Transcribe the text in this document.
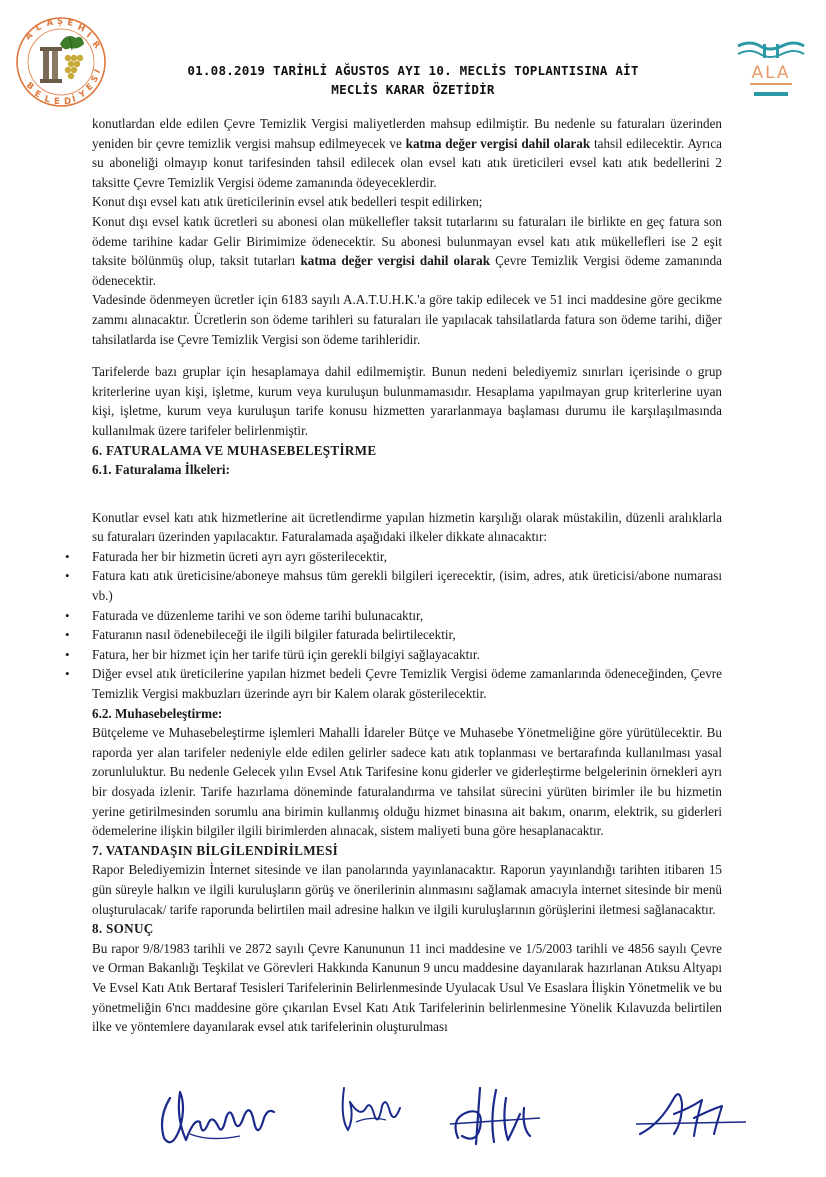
A
L A Ş E H
İ
R
B
E L E D İ Y
E
S
İ	ALA
01.08.2019 TARİHLİ AĞUSTOS AYI 10. MECLİS TOPLANTISINA AİT
MECLİS KARAR ÖZETİDİR

konutlardan elde edilen Çevre Temizlik Vergisi maliyetlerden mahsup edilmiştir. Bu nedenle su faturaları üzerinden yeniden bir çevre temizlik vergisi mahsup edilmeyecek ve katma değer vergisi dahil olarak tahsil edilecektir. Ayrıca su aboneliği olmayıp konut tarifesinden tahsil edilecek olan evsel katı atık üreticileri evsel katı atık bedellerini 2 taksitte Çevre Temizlik Vergisi ödeme zamanında ödeyeceklerdir.

Konut dışı evsel katı atık üreticilerinin evsel atık bedelleri tespit edilirken;

Konut dışı evsel katık ücretleri su abonesi olan mükellefler taksit tutarlarını su faturaları ile birlikte en geç fatura son ödeme tarihine kadar Gelir Birimimize ödenecektir. Su abonesi bulunmayan evsel katı atık mükellefleri ise 2 eşit taksite bölünmüş olup, taksit tutarları katma değer vergisi dahil olarak Çevre Temizlik Vergisi ödeme zamanında ödenecektir.

Vadesinde ödenmeyen ücretler için 6183 sayılı A.A.T.U.H.K.'a göre takip edilecek ve 51 inci maddesine göre gecikme zammı alınacaktır. Ücretlerin son ödeme tarihleri su faturaları ile yapılacak tahsilatlarda fatura son ödeme tarihi, diğer tahsilatlarda ise Çevre Temizlik Vergisi son ödeme tarihleridir.

Tarifelerde bazı gruplar için hesaplamaya dahil edilmemiştir. Bunun nedeni belediyemiz sınırları içerisinde o grup kriterlerine uyan kişi, işletme, kurum veya kuruluşun bulunmamasıdır. Hesaplama yapılmayan grup kriterlerine uyan kişi, işletme, kurum veya kuruluşun tarife konusu hizmetten yararlanmaya başlaması durumu ile karşılaşılmasında kullanılmak üzere tarifeler belirlenmiştir.

6. FATURALAMA VE MUHASEBELEŞTİRME

6.1. Faturalama İlkeleri:

Konutlar evsel katı atık hizmetlerine ait ücretlendirme yapılan hizmetin karşılığı olarak müstakilin, düzenli aralıklarla su faturaları üzerinden yapılacaktır. Faturalamada aşağıdaki ilkeler dikkate alınacaktır:

• Faturada her bir hizmetin ücreti ayrı ayrı gösterilecektir,
• Fatura katı atık üreticisine/aboneye mahsus tüm gerekli bilgileri içerecektir, (isim, adres, atık üreticisi/abone numarası vb.)
• Faturada ve düzenleme tarihi ve son ödeme tarihi bulunacaktır,
• Faturanın nasıl ödenebileceği ile ilgili bilgiler faturada belirtilecektir,
• Fatura, her bir hizmet için her tarife türü için gerekli bilgiyi sağlayacaktır.
• Diğer evsel atık üreticilerine yapılan hizmet bedeli Çevre Temizlik Vergisi ödeme zamanlarında ödeneceğinden, Çevre Temizlik Vergisi makbuzları üzerinde ayrı bir Kalem olarak gösterilecektir.

6.2. Muhasebeleştirme:

Bütçeleme ve Muhasebeleştirme işlemleri Mahalli İdareler Bütçe ve Muhasebe Yönetmeliğine göre yürütülecektir. Bu raporda yer alan tarifeler nedeniyle elde edilen gelirler sadece katı atık toplanması ve bertarafında kullanılması yasal zorunluluktur. Bu nedenle Gelecek yılın Evsel Atık Tarifesine konu giderler ve giderleştirme belgelerinin örnekleri ayrı bir dosyada izlenir. Tarife hazırlama döneminde faturalandırma ve tahsilat sürecini yürüten birimler ile bu hizmetin yerine getirilmesinden sorumlu ana birimin kullanmış olduğu hizmet binasına ait bakım, onarım, elektrik, su giderleri ödemelerine ilişkin bilgiler ilgili birimlerden alınacak, sistem maliyeti buna göre hesaplanacaktır.

7. VATANDAŞIN BİLGİLENDİRİLMESİ

Rapor Belediyemizin İnternet sitesinde ve ilan panolarında yayınlanacaktır. Raporun yayınlandığı tarihten itibaren 15 gün süreyle halkın ve ilgili kuruluşların görüş ve önerilerinin alınmasını sağlamak amacıyla internet sitesinde bir menü oluşturulacak/ tarife raporunda belirtilen mail adresine halkın ve ilgili kuruluşlarının görüşlerini iletmesi sağlanacaktır.

8. SONUÇ

Bu rapor 9/8/1983 tarihli ve 2872 sayılı Çevre Kanununun 11 inci maddesine ve 1/5/2003 tarihli ve 4856 sayılı Çevre ve Orman Bakanlığı Teşkilat ve Görevleri Hakkında Kanunun 9 uncu maddesine dayanılarak hazırlanan Atıksu Altyapı Ve Evsel Katı Atık Bertaraf Tesisleri Tarifelerinin Belirlenmesinde Uyulacak Usul Ve Esaslara İlişkin Yönetmelik ve bu yönetmeliğin 6'ncı maddesine göre çıkarılan Evsel Katı Atık Tarifelerinin belirlenmesine Yönelik Kılavuzda belirtilen ilke ve yöntemlere dayanılarak evsel atık tarifelerinin oluşturulması
